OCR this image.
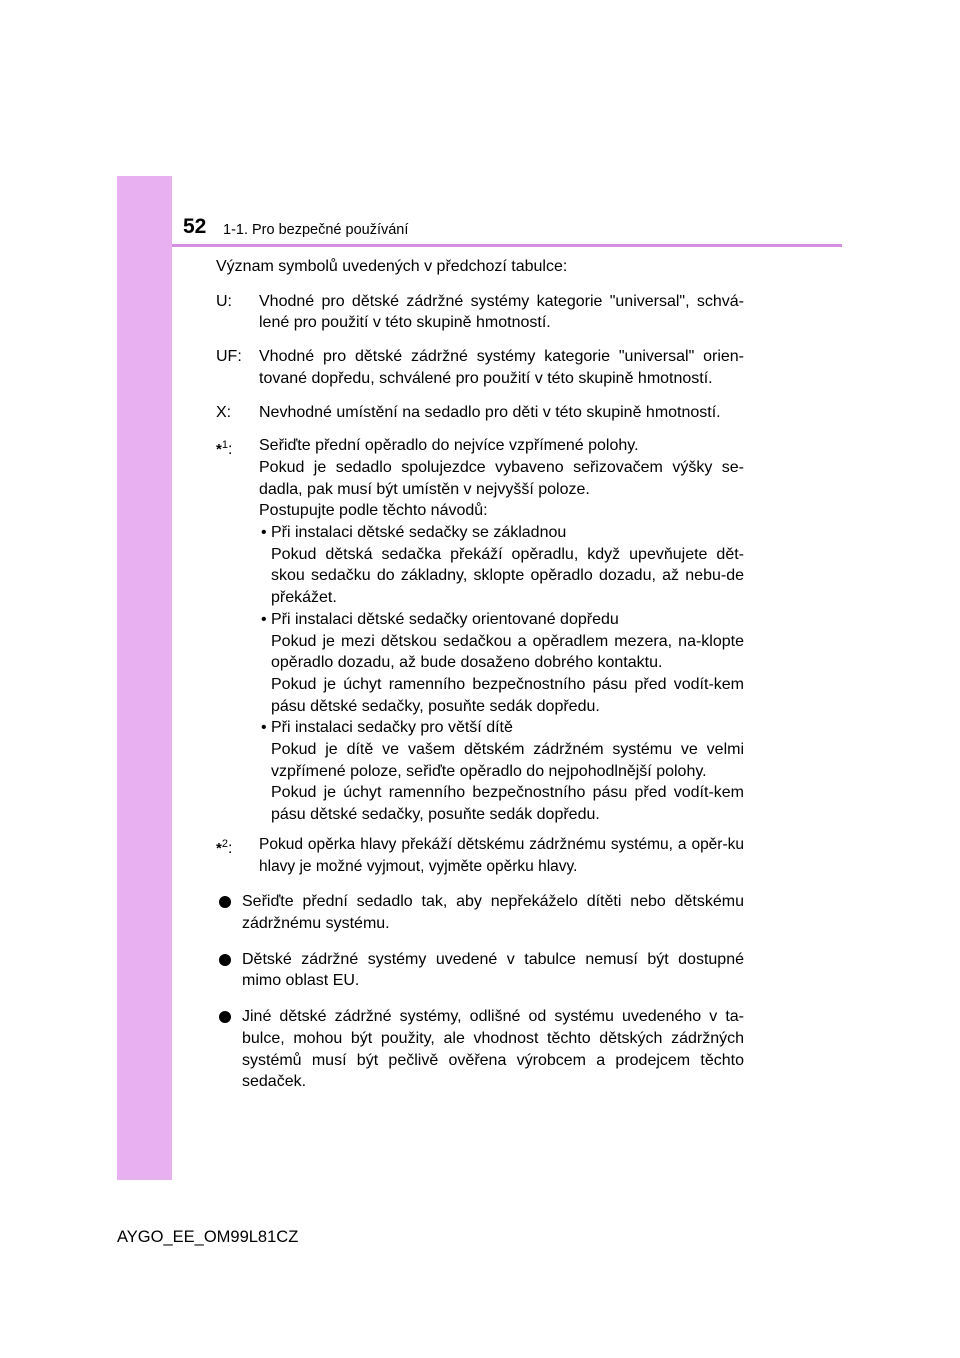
52 1-1. Pro bezpečné používání

Význam symbolů uvedených v předchozí tabulce:

U: Vhodné pro dětské zádržné systémy kategorie "universal", schvá-lené pro použití v této skupině hmotností.
UF: Vhodné pro dětské zádržné systémy kategorie "universal" orien-tované dopředu, schválené pro použití v této skupině hmotností.
X: Nevhodné umístění na sedadlo pro děti v této skupině hmotností.
*$^1$: Seřiďte přední opěradlo do nejvíce vzpřímené polohy.

Pokud je sedadlo spolujezdce vybaveno seřizovačem výšky se-dadla, pak musí být umístěn v nejvyšší poloze.

Postupujte podle těchto návodů:

• Při instalaci dětské sedačky se základnou

Pokud dětská sedačka překáží opěradlu, když upevňujete dět-skou sedačku do základny, sklopte opěradlo dozadu, až nebu-de překážet.

• Při instalaci dětské sedačky orientované dopředu

Pokud je mezi dětskou sedačkou a opěradlem mezera, na-klopte opěradlo dozadu, až bude dosaženo dobrého kontaktu.

Pokud je úchyt ramenního bezpečnostního pásu před vodít-kem pásu dětské sedačky, posuňte sedák dopředu.

• Při instalaci sedačky pro větší dítě

Pokud je dítě ve vašem dětském zádržném systému ve velmi vzpřímené poloze, seřiďte opěradlo do nejpohodlnější polohy.

Pokud je úchyt ramenního bezpečnostního pásu před vodít-kem pásu dětské sedačky, posuňte sedák dopředu.

*$^2$: Pokud opěrka hlavy překáží dětskému zádržnému systému, a opěr-ku hlavy je možné vyjmout, vyjměte opěrku hlavy.

Seřiďte přední sedadlo tak, aby nepřekáželo dítěti nebo dětskému zádržnému systému.

Dětské zádržné systémy uvedené v tabulce nemusí být dostupné mimo oblast EU.

Jiné dětské zádržné systémy, odlišné od systému uvedeného v ta-bulce, mohou být použity, ale vhodnost těchto dětských zádržných systémů musí být pečlivě ověřena výrobcem a prodejcem těchto sedaček.

AYGO_EE_OM99L81CZ
